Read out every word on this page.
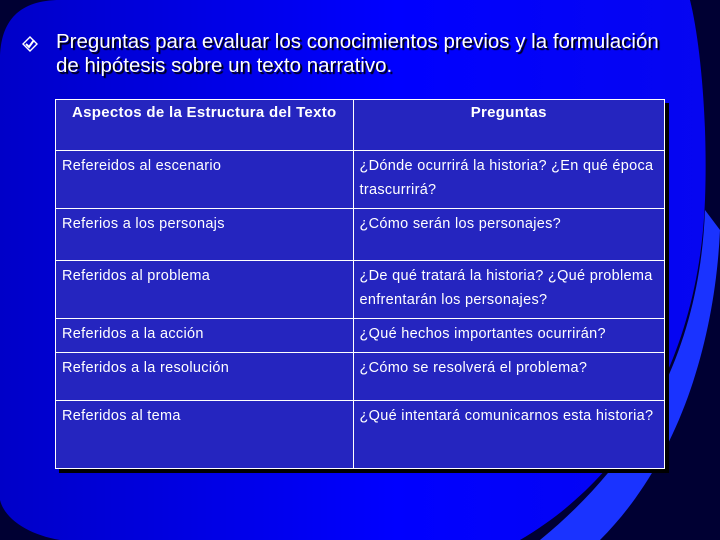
Preguntas para evaluar los conocimientos previos y la formulación de hipótesis sobre un texto narrativo.
Aspectos de la Estructura del Texto	Preguntas
Refereidos al escenario	¿Dónde ocurrirá la historia? ¿En qué época trascurrirá?
Referios a los personajs	¿Cómo serán los personajes?
Referidos al problema	¿De qué tratará la historia? ¿Qué problema enfrentarán los personajes?
Referidos a la acción	¿Qué hechos importantes ocurrirán?
Referidos a la resolución	¿Cómo se resolverá el problema?
Referidos al tema	¿Qué intentará comunicarnos esta historia?
